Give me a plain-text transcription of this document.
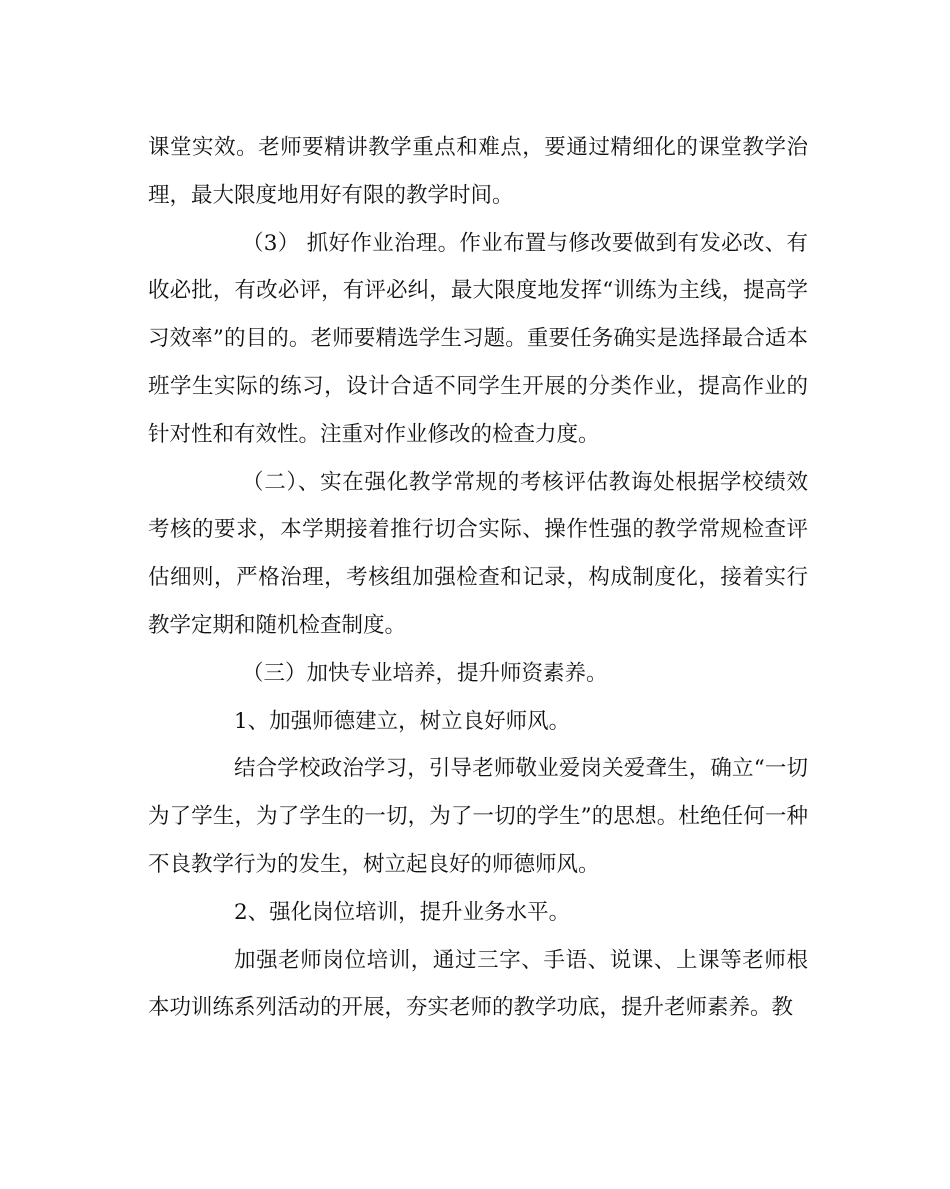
课堂实效。老师要精讲教学重点和难点，要通过精细化的课堂教学治理，最大限度地用好有限的教学时间。

（3） 抓好作业治理。作业布置与修改要做到有发必改、有收必批，有改必评，有评必纠，最大限度地发挥“训练为主线，提高学习效率”的目的。老师要精选学生习题。重要任务确实是选择最合适本班学生实际的练习，设计合适不同学生开展的分类作业，提高作业的针对性和有效性。注重对作业修改的检查力度。

（二）、实在强化教学常规的考核评估教诲处根据学校绩效考核的要求，本学期接着推行切合实际、操作性强的教学常规检查评估细则，严格治理，考核组加强检查和记录，构成制度化，接着实行教学定期和随机检查制度。

（三）加快专业培养，提升师资素养。

1、加强师德建立，树立良好师风。

结合学校政治学习，引导老师敬业爱岗关爱聋生，确立“一切为了学生，为了学生的一切，为了一切的学生”的思想。杜绝任何一种不良教学行为的发生，树立起良好的师德师风。

2、强化岗位培训，提升业务水平。

加强老师岗位培训，通过三字、手语、说课、上课等老师根本功训练系列活动的开展，夯实老师的教学功底，提升老师素养。教
